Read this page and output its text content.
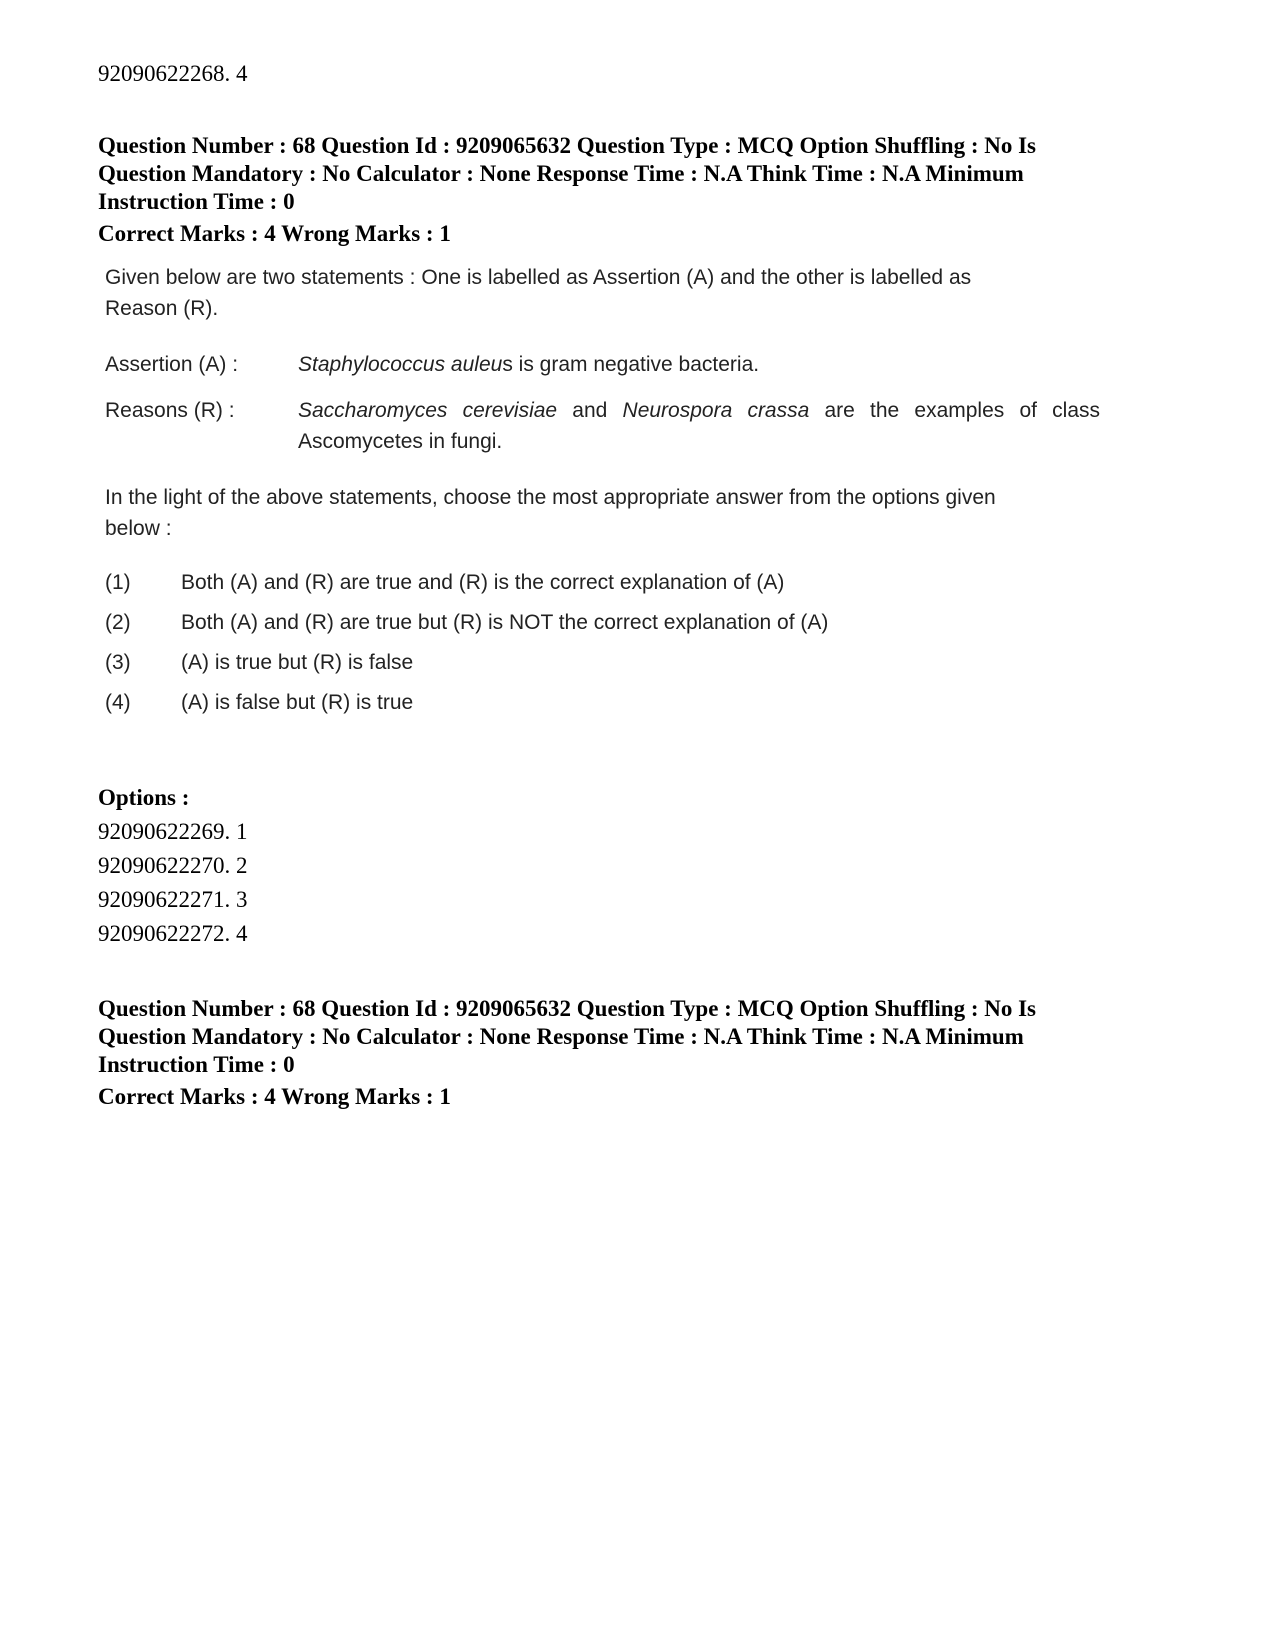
92090622268. 4
Question Number : 68 Question Id : 9209065632 Question Type : MCQ Option Shuffling : No Is
Question Mandatory : No Calculator : None Response Time : N.A Think Time : N.A Minimum
Instruction Time : 0
Correct Marks : 4 Wrong Marks : 1
Given below are two statements : One is labelled as Assertion (A) and the other is labelled as
Reason (R).
Assertion (A) :	Staphylococcus auleus is gram negative bacteria.
Reasons (R) :	Saccharomyces cerevisiae and Neurospora crassa are the examples of class
Ascomycetes in fungi.
In the light of the above statements, choose the most appropriate answer from the options given
below :
(1) Both (A) and (R) are true and (R) is the correct explanation of (A)
(2) Both (A) and (R) are true but (R) is NOT the correct explanation of (A)
(3) (A) is true but (R) is false
(4) (A) is false but (R) is true
Options :
92090622269. 1
92090622270. 2
92090622271. 3
92090622272. 4
Question Number : 68 Question Id : 9209065632 Question Type : MCQ Option Shuffling : No Is
Question Mandatory : No Calculator : None Response Time : N.A Think Time : N.A Minimum
Instruction Time : 0
Correct Marks : 4 Wrong Marks : 1
